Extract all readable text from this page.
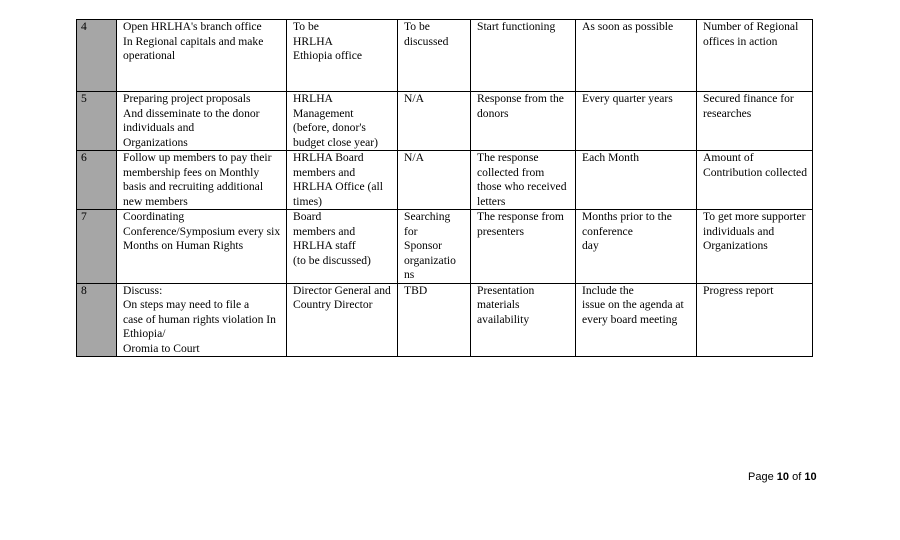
4	Open HRLHA's branch office
In Regional capitals and make operational	To be
HRLHA
Ethiopia office	To be discussed	Start functioning	As soon as possible	Number of Regional offices in action
5	Preparing project proposals
And disseminate to the donor individuals and
Organizations	HRLHA
Management
(before, donor's budget close year)	N/A	Response from the donors	Every quarter years	Secured finance for researches
6	Follow up members to pay their membership fees on Monthly basis and recruiting additional new members	HRLHA Board members and HRLHA Office (all times)	N/A	The response collected from those who received letters	Each Month	Amount of Contribution collected
7	Coordinating Conference/Symposium every six Months on Human Rights	Board
members and HRLHA staff
(to be discussed)	Searching for
Sponsor organizatio
ns	The response from presenters	Months prior to the conference
day	To get more supporter individuals and Organizations
8	Discuss:
On steps may need to file a
case of human rights violation In Ethiopia/
Oromia to Court	Director General and Country Director	TBD	Presentation materials availability	Include the
issue on the agenda at every board meeting	Progress report
Page 10 of 10
